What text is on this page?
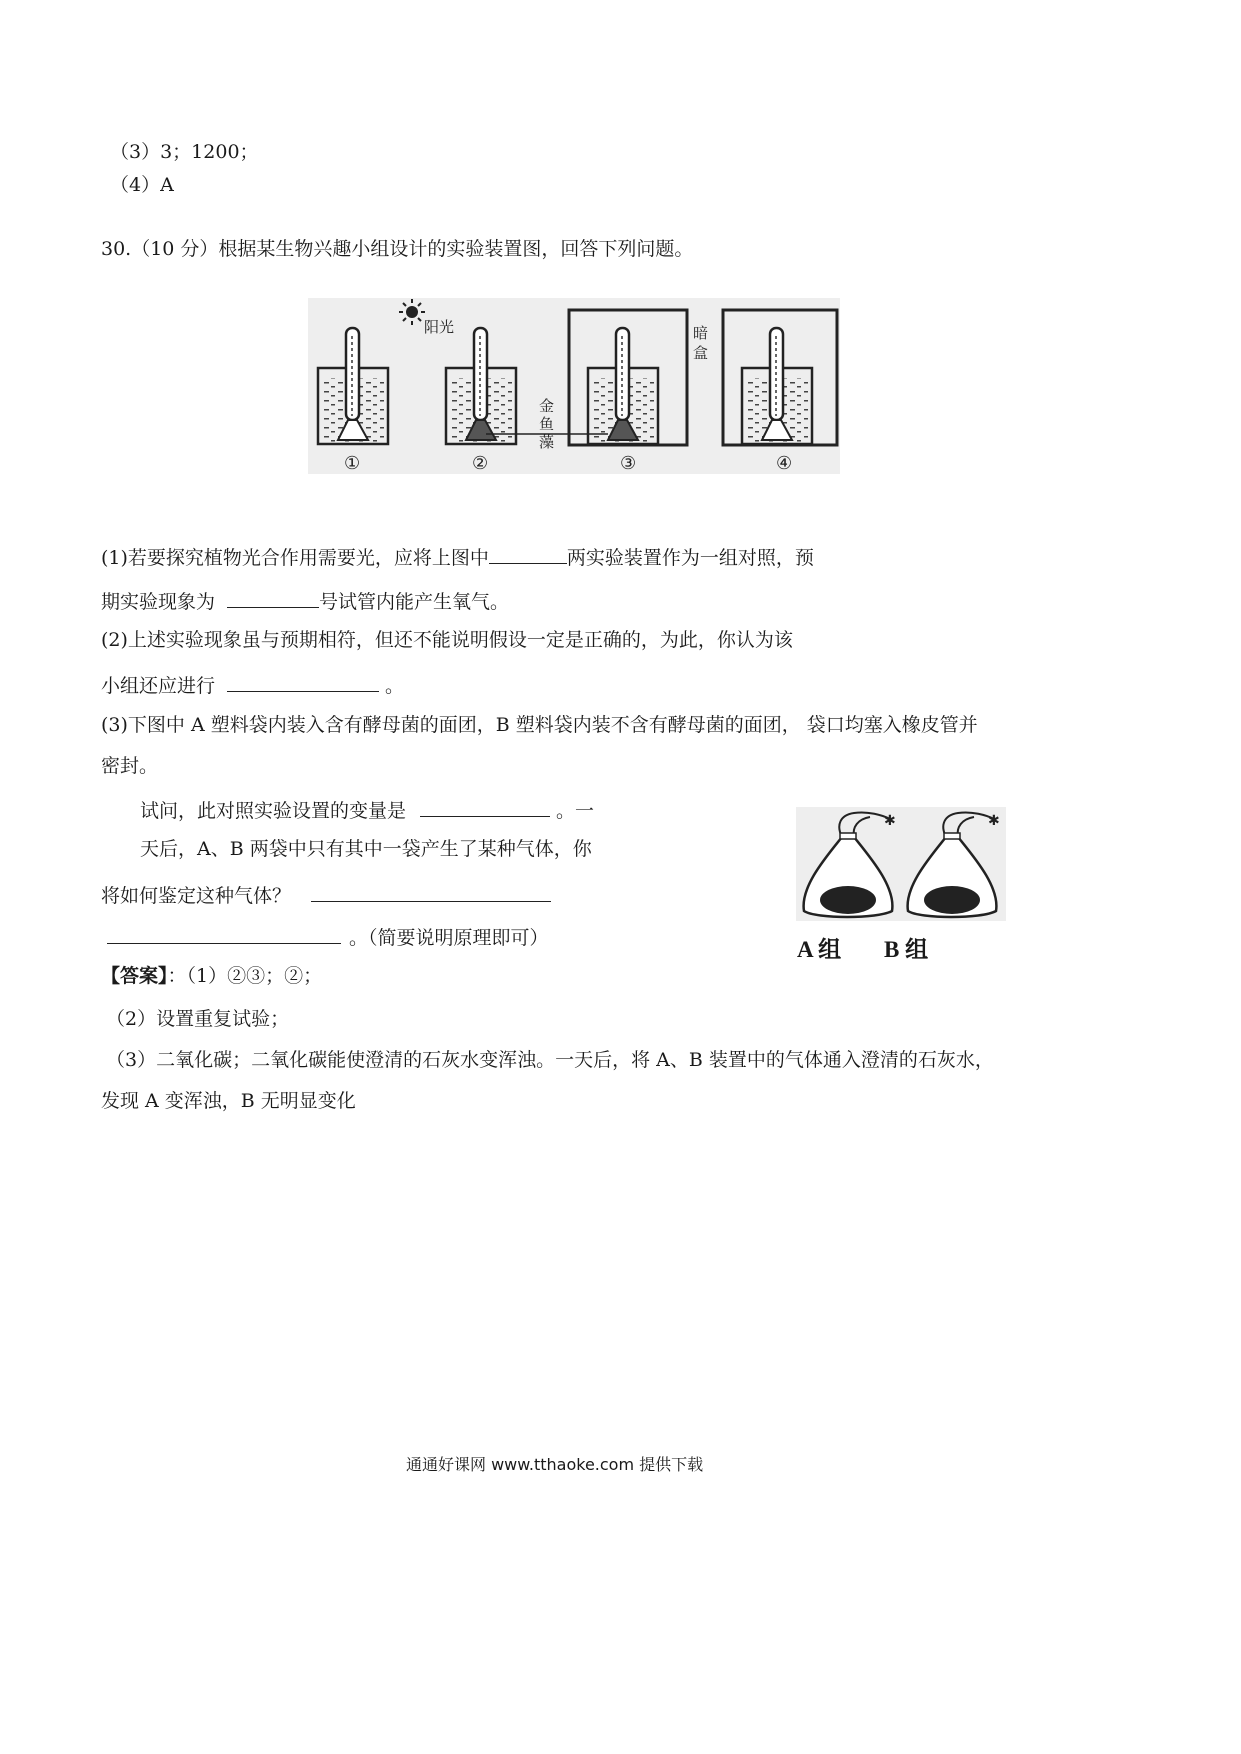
（3）3；1200；
（4）A
30.（10 分）根据某生物兴趣小组设计的实验装置图，回答下列问题。
阳光	暗
盒
金
鱼
藻
①	②	③	④
(1)若要探究植物光合作用需要光，应将上图中	两实验装置作为一组对照，预
期实验现象为	号试管内能产生氧气。
(2)上述实验现象虽与预期相符，但还不能说明假设一定是正确的，为此，你认为该
小组还应进行	。
(3)下图中 A 塑料袋内装入含有酵母菌的面团，B 塑料袋内装不含有酵母菌的面团， 袋口均塞入橡皮管并
密封。
试问，此对照实验设置的变量是	。一
天后，A、B 两袋中只有其中一袋产生了某种气体，你
将如何鉴定这种气体？
。（简要说明原理即可）
✱	✱
A 组 B 组
【答案】：（1）②③；②；
（2）设置重复试验；
（3）二氧化碳；二氧化碳能使澄清的石灰水变浑浊。一天后，将 A、B 装置中的气体通入澄清的石灰水，
发现 A 变浑浊，B 无明显变化
通通好课网 www.tthaoke.com 提供下载
